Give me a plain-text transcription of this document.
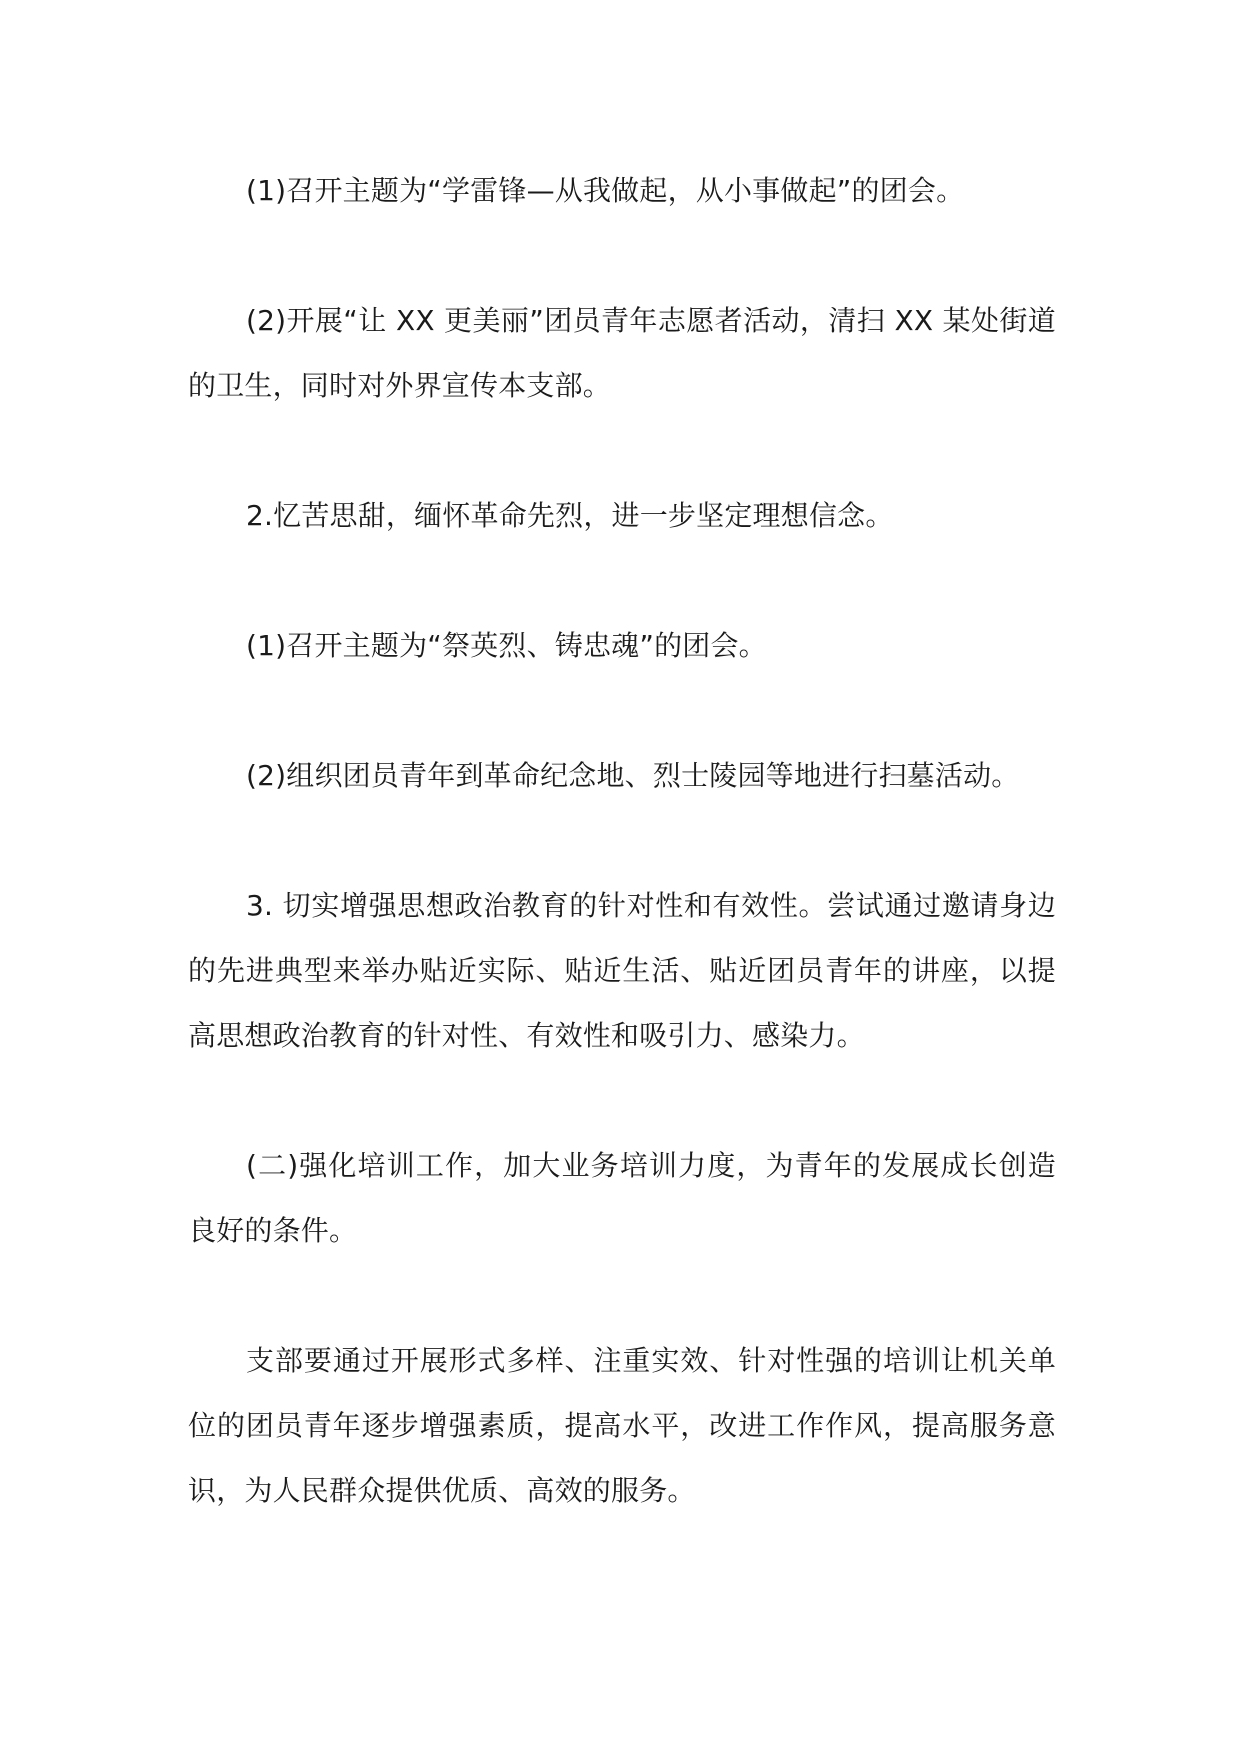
(1)召开主题为“学雷锋—从我做起，从小事做起”的团会。

(2)开展“让 XX 更美丽”团员青年志愿者活动，清扫 XX 某处街道的卫生，同时对外界宣传本支部。

2.忆苦思甜，缅怀革命先烈，进一步坚定理想信念。

(1)召开主题为“祭英烈、铸忠魂”的团会。

(2)组织团员青年到革命纪念地、烈士陵园等地进行扫墓活动。

3. 切实增强思想政治教育的针对性和有效性。尝试通过邀请身边的先进典型来举办贴近实际、贴近生活、贴近团员青年的讲座，以提高思想政治教育的针对性、有效性和吸引力、感染力。

(二)强化培训工作，加大业务培训力度，为青年的发展成长创造良好的条件。

支部要通过开展形式多样、注重实效、针对性强的培训让机关单位的团员青年逐步增强素质，提高水平，改进工作作风，提高服务意识，为人民群众提供优质、高效的服务。
